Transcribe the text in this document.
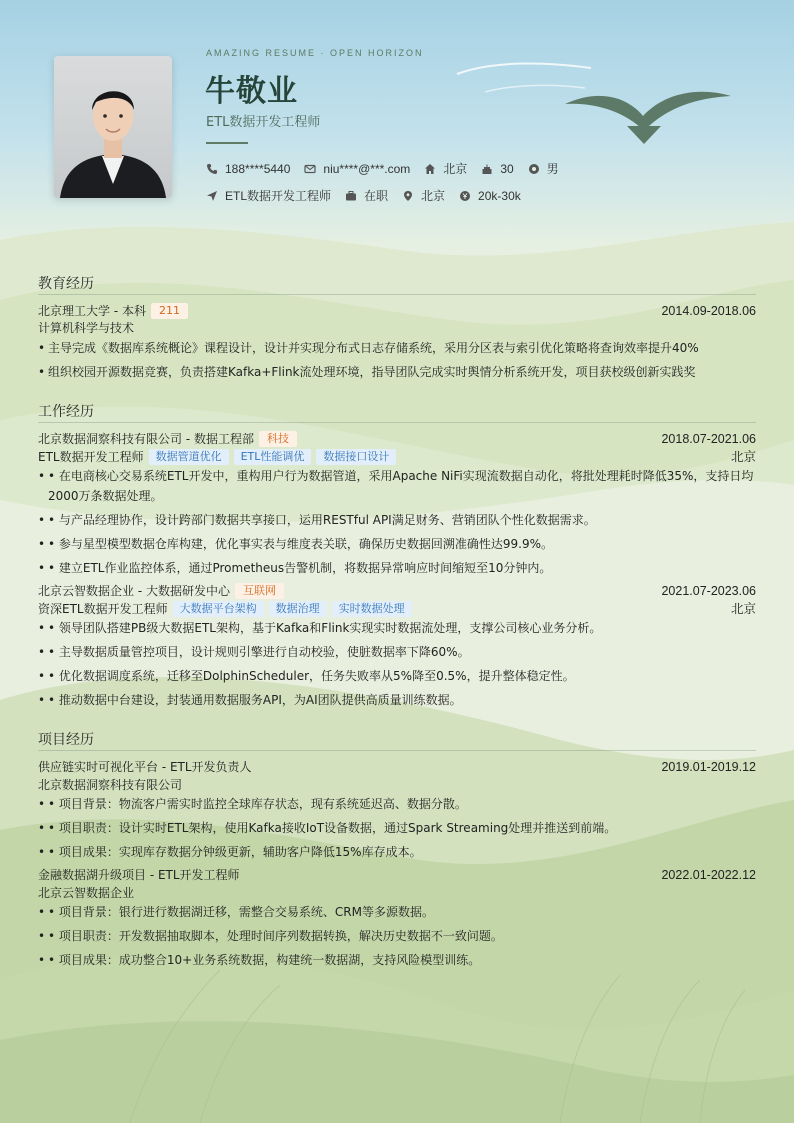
AMAZING RESUME · OPEN HORIZON
牛敬业
ETL数据开发工程师
188****5440	niu****@***.com	北京	30	男
ETL数据开发工程师	在职	北京	20k-30k
教育经历
北京理工大学 - 本科	211	2014.09-2018.06
计算机科学与技术
• 主导完成《数据库系统概论》课程设计，设计并实现分布式日志存储系统，采用分区表与索引优化策略将查询效率提升40%
• 组织校园开源数据竞赛，负责搭建Kafka+Flink流处理环境，指导团队完成实时舆情分析系统开发，项目获校级创新实践奖
工作经历
北京数据洞察科技有限公司 - 数据工程部	科技	2018.07-2021.06
ETL数据开发工程师	数据管道优化	ETL性能调优	数据接口设计	北京
• • 在电商核心交易系统ETL开发中，重构用户行为数据管道，采用Apache NiFi实现流数据自动化，将批处理耗时降低35%，支持日均2000万条数据处理。
• • 与产品经理协作，设计跨部门数据共享接口，运用RESTful API满足财务、营销团队个性化数据需求。
• • 参与星型模型数据仓库构建，优化事实表与维度表关联，确保历史数据回溯准确性达99.9%。
• • 建立ETL作业监控体系，通过Prometheus告警机制，将数据异常响应时间缩短至10分钟内。
北京云智数据企业 - 大数据研发中心	互联网	2021.07-2023.06
资深ETL数据开发工程师	大数据平台架构	数据治理	实时数据处理	北京
• • 领导团队搭建PB级大数据ETL架构，基于Kafka和Flink实现实时数据流处理，支撑公司核心业务分析。
• • 主导数据质量管控项目，设计规则引擎进行自动校验，使脏数据率下降60%。
• • 优化数据调度系统，迁移至DolphinScheduler，任务失败率从5%降至0.5%，提升整体稳定性。
• • 推动数据中台建设，封装通用数据服务API，为AI团队提供高质量训练数据。
项目经历
供应链实时可视化平台 - ETL开发负责人	2019.01-2019.12
北京数据洞察科技有限公司
• • 项目背景：物流客户需实时监控全球库存状态，现有系统延迟高、数据分散。
• • 项目职责：设计实时ETL架构，使用Kafka接收IoT设备数据，通过Spark Streaming处理并推送到前端。
• • 项目成果：实现库存数据分钟级更新，辅助客户降低15%库存成本。
金融数据湖升级项目 - ETL开发工程师	2022.01-2022.12
北京云智数据企业
• • 项目背景：银行进行数据湖迁移，需整合交易系统、CRM等多源数据。
• • 项目职责：开发数据抽取脚本，处理时间序列数据转换，解决历史数据不一致问题。
• • 项目成果：成功整合10+业务系统数据，构建统一数据湖，支持风险模型训练。
